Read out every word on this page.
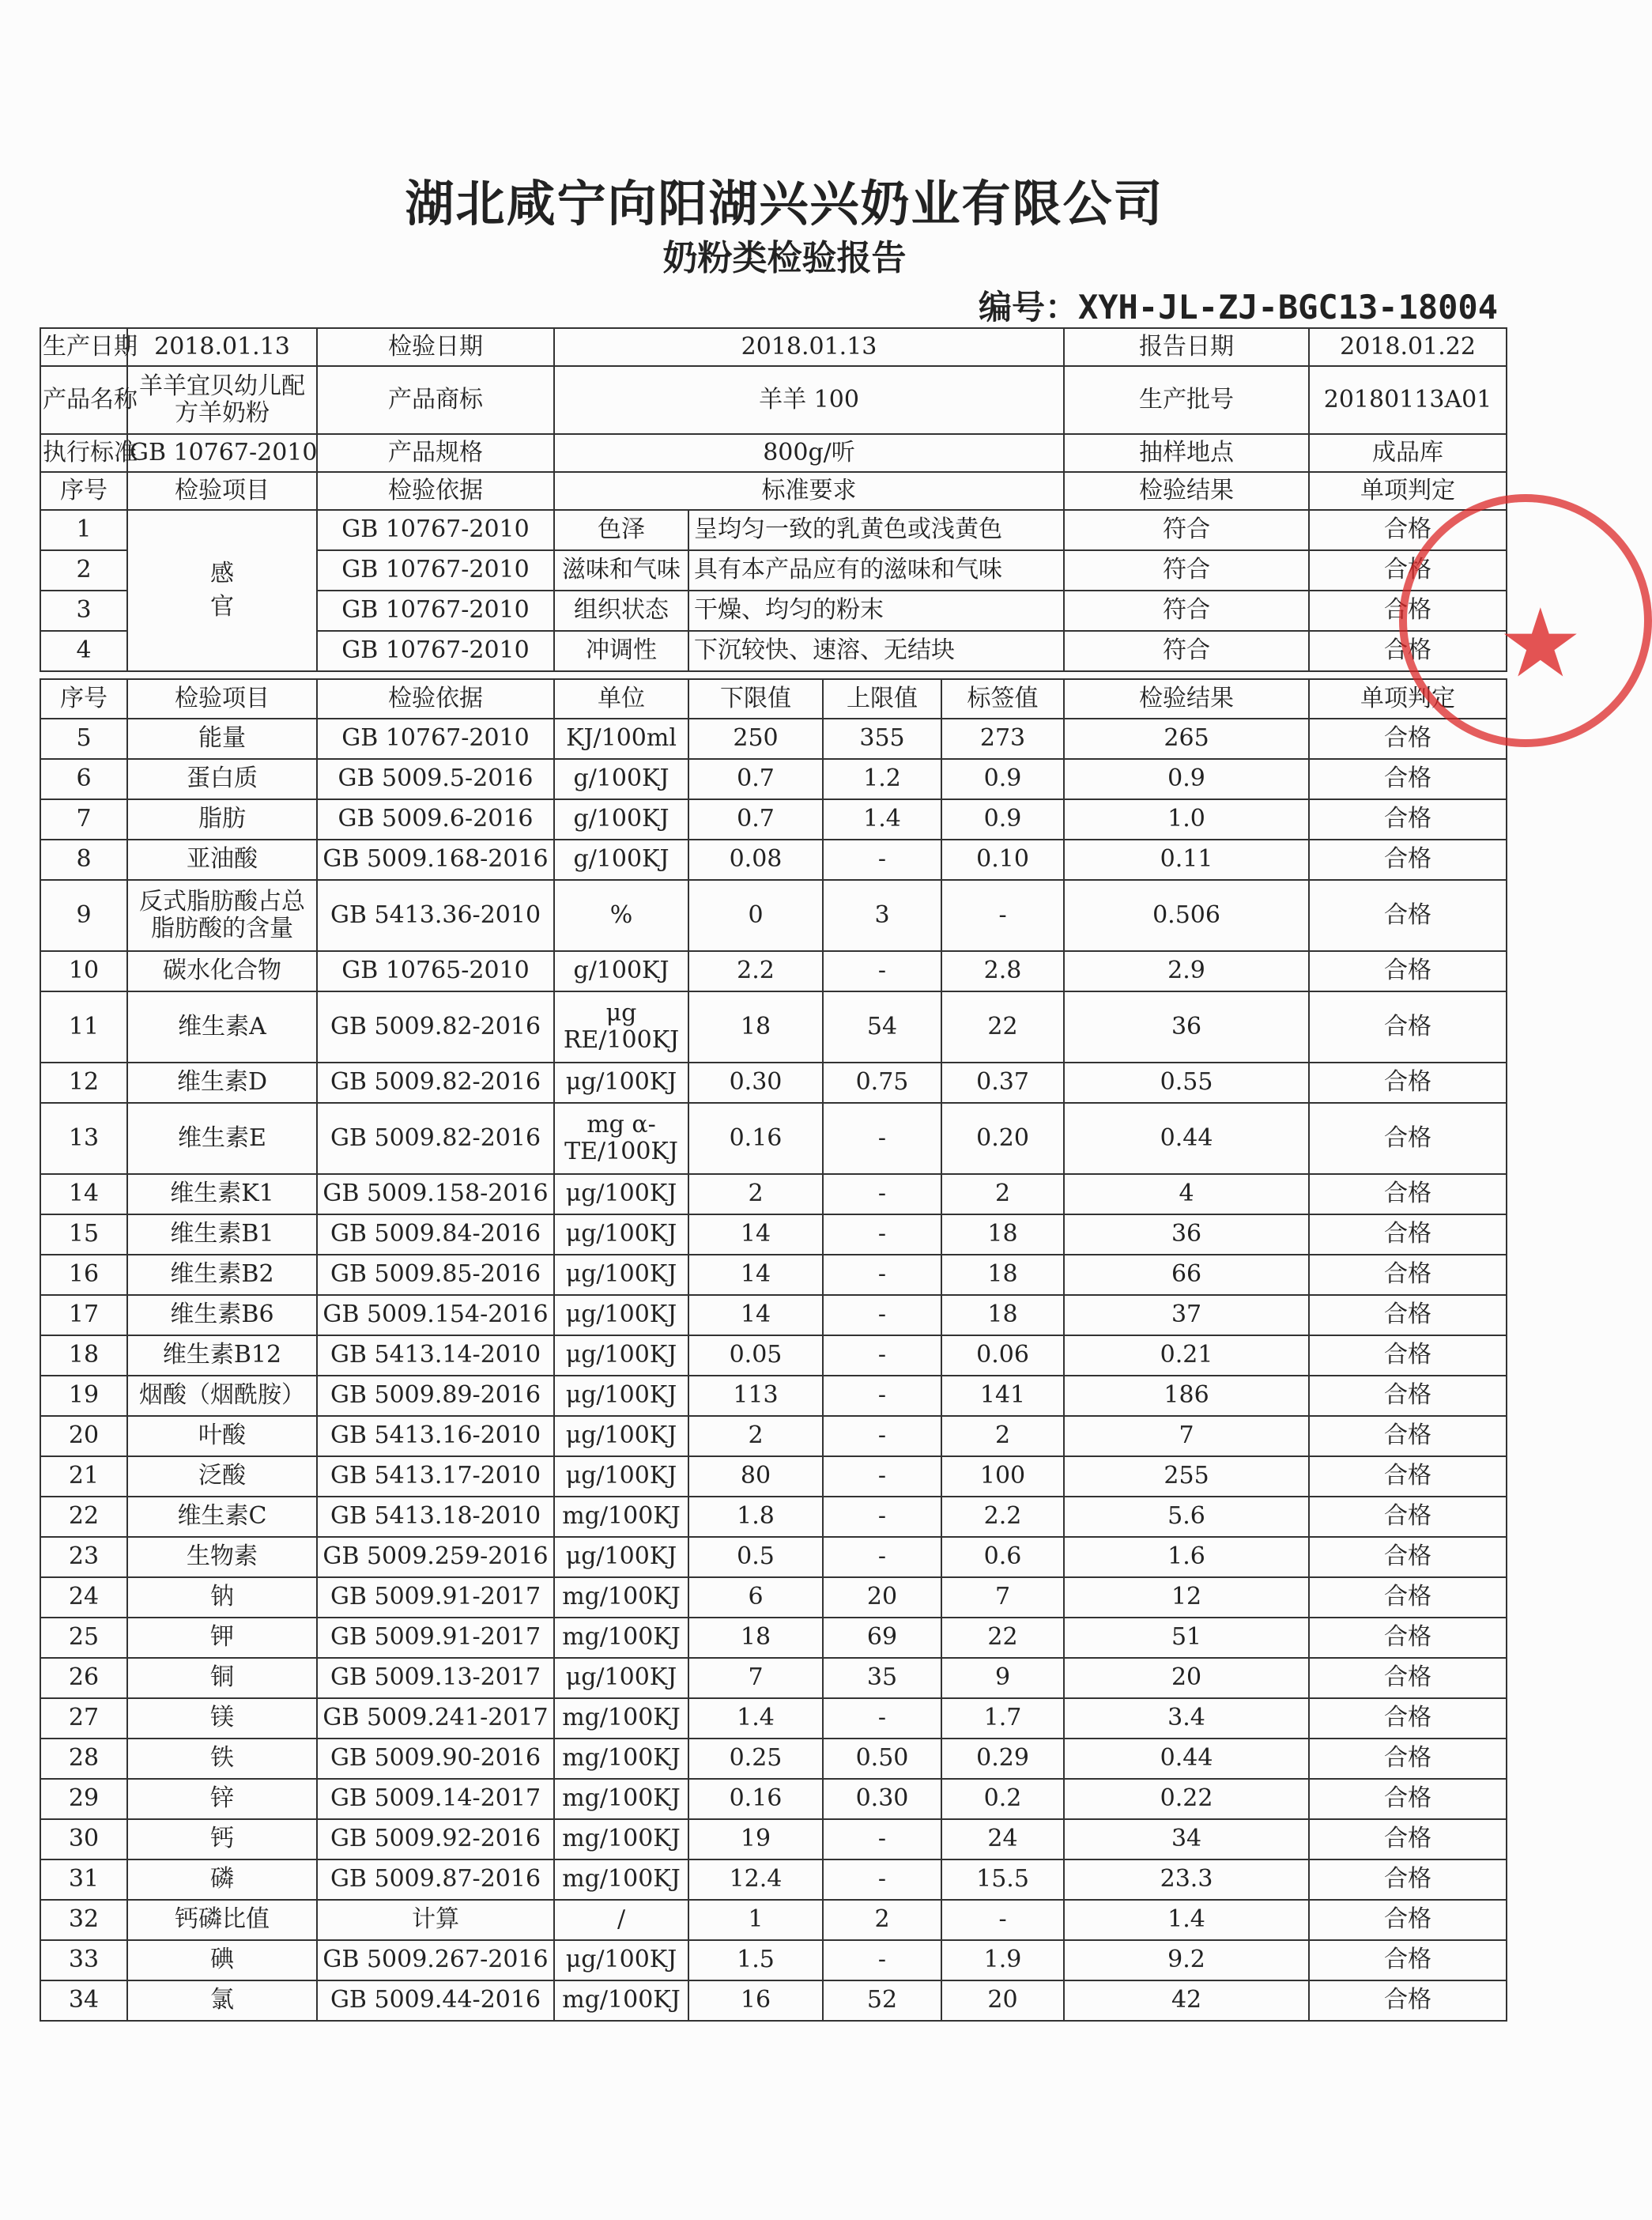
湖北咸宁向阳湖兴兴奶业有限公司
奶粉类检验报告
编号：XYH-JL-ZJ-BGC13-18004
生产日期	2018.01.13	检验日期	2018.01.13				报告日期	2018.01.22
产品名称	羊羊宜贝幼儿配方羊奶粉	产品商标	羊羊 100				生产批号	20180113A01
执行标准	GB 10767-2010	产品规格	800g/听				抽样地点	成品库
序号	检验项目	检验依据	标准要求				检验结果	单项判定
1	感官	GB 10767-2010	色泽	呈均匀一致的乳黄色或浅黄色			符合	合格
2		GB 10767-2010	滋味和气味	具有本产品应有的滋味和气味			符合	合格
3		GB 10767-2010	组织状态	干燥、均匀的粉末			符合	合格
4		GB 10767-2010	冲调性	下沉较快、速溶、无结块			符合	合格

序号	检验项目	检验依据	单位	下限值	上限值	标签值	检验结果	单项判定
5	能量	GB 10767-2010	KJ/100ml	250	355	273	265	合格
6	蛋白质	GB 5009.5-2016	g/100KJ	0.7	1.2	0.9	0.9	合格
7	脂肪	GB 5009.6-2016	g/100KJ	0.7	1.4	0.9	1.0	合格
8	亚油酸	GB 5009.168-2016	g/100KJ	0.08	-	0.10	0.11	合格
9	反式脂肪酸占总脂肪酸的含量	GB 5413.36-2010	%	0	3	-	0.506	合格
10	碳水化合物	GB 10765-2010	g/100KJ	2.2	-	2.8	2.9	合格
11	维生素A	GB 5009.82-2016	μg RE/100KJ	18	54	22	36	合格
12	维生素D	GB 5009.82-2016	μg/100KJ	0.30	0.75	0.37	0.55	合格
13	维生素E	GB 5009.82-2016	mg α-TE/100KJ	0.16	-	0.20	0.44	合格
14	维生素K1	GB 5009.158-2016	μg/100KJ	2	-	2	4	合格
15	维生素B1	GB 5009.84-2016	μg/100KJ	14	-	18	36	合格
16	维生素B2	GB 5009.85-2016	μg/100KJ	14	-	18	66	合格
17	维生素B6	GB 5009.154-2016	μg/100KJ	14	-	18	37	合格
18	维生素B12	GB 5413.14-2010	μg/100KJ	0.05	-	0.06	0.21	合格
19	烟酸（烟酰胺）	GB 5009.89-2016	μg/100KJ	113	-	141	186	合格
20	叶酸	GB 5413.16-2010	μg/100KJ	2	-	2	7	合格
21	泛酸	GB 5413.17-2010	μg/100KJ	80	-	100	255	合格
22	维生素C	GB 5413.18-2010	mg/100KJ	1.8	-	2.2	5.6	合格
23	生物素	GB 5009.259-2016	μg/100KJ	0.5	-	0.6	1.6	合格
24	钠	GB 5009.91-2017	mg/100KJ	6	20	7	12	合格
25	钾	GB 5009.91-2017	mg/100KJ	18	69	22	51	合格
26	铜	GB 5009.13-2017	μg/100KJ	7	35	9	20	合格
27	镁	GB 5009.241-2017	mg/100KJ	1.4	-	1.7	3.4	合格
28	铁	GB 5009.90-2016	mg/100KJ	0.25	0.50	0.29	0.44	合格
29	锌	GB 5009.14-2017	mg/100KJ	0.16	0.30	0.2	0.22	合格
30	钙	GB 5009.92-2016	mg/100KJ	19	-	24	34	合格
31	磷	GB 5009.87-2016	mg/100KJ	12.4	-	15.5	23.3	合格
32	钙磷比值	计算	/	1	2	-	1.4	合格
33	碘	GB 5009.267-2016	μg/100KJ	1.5	-	1.9	9.2	合格
34	氯	GB 5009.44-2016	mg/100KJ	16	52	20	42	合格
★
